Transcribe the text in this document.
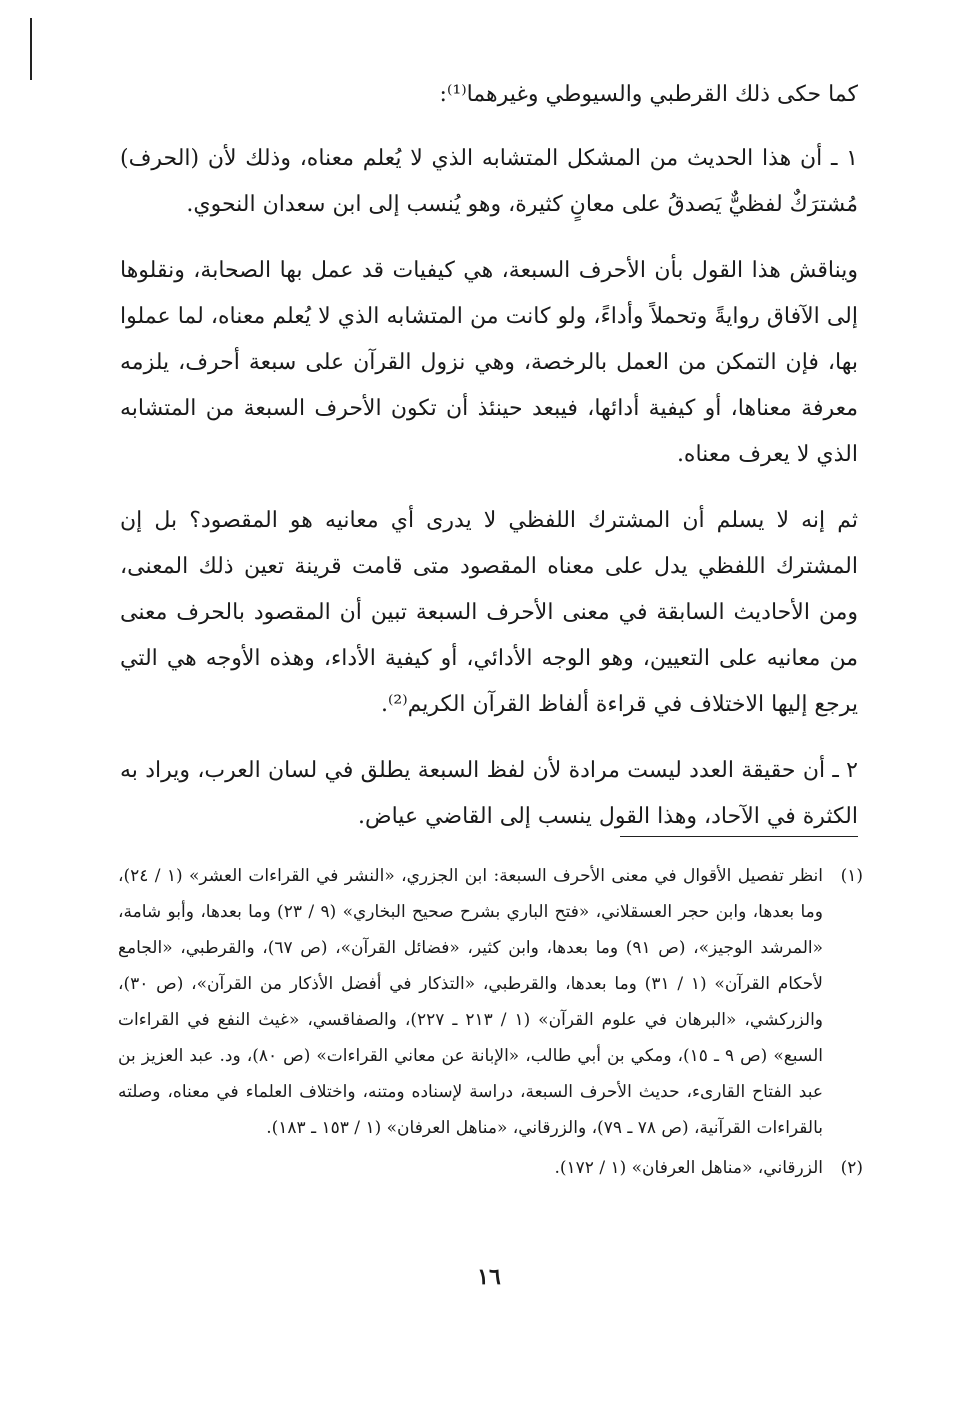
كما حكى ذلك القرطبي والسيوطي وغيرهما⁽¹⁾:

١ ـ أن هذا الحديث من المشكل المتشابه الذي لا يُعلم معناه، وذلك لأن (الحرف) مُشترَكٌ لفظيٌّ يَصدقُ على معانٍ كثيرة، وهو يُنسب إلى ابن سعدان النحوي.

ويناقش هذا القول بأن الأحرف السبعة، هي كيفيات قد عمل بها الصحابة، ونقلوها إلى الآفاق روايةً وتحملاً وأداءً، ولو كانت من المتشابه الذي لا يُعلم معناه، لما عملوا بها، فإن التمكن من العمل بالرخصة، وهي نزول القرآن على سبعة أحرف، يلزمه معرفة معناها، أو كيفية أدائها، فيبعد حينئذ أن تكون الأحرف السبعة من المتشابه الذي لا يعرف معناه.

ثم إنه لا يسلم أن المشترك اللفظي لا يدرى أي معانيه هو المقصود؟ بل إن المشترك اللفظي يدل على معناه المقصود متى قامت قرينة تعين ذلك المعنى، ومن الأحاديث السابقة في معنى الأحرف السبعة تبين أن المقصود بالحرف معنى من معانيه على التعيين، وهو الوجه الأدائي، أو كيفية الأداء، وهذه الأوجه هي التي يرجع إليها الاختلاف في قراءة ألفاظ القرآن الكريم⁽²⁾.

٢ ـ أن حقيقة العدد ليست مرادة لأن لفظ السبعة يطلق في لسان العرب، ويراد به الكثرة في الآحاد، وهذا القول ينسب إلى القاضي عياض.

(١)
انظر تفصيل الأقوال في معنى الأحرف السبعة: ابن الجزري، «النشر في القراءات العشر» (١ / ٢٤)، وما بعدها، وابن حجر العسقلاني، «فتح الباري بشرح صحيح البخاري» (٩ / ٢٣) وما بعدها، وأبو شامة، «المرشد الوجيز»، (ص ٩١) وما بعدها، وابن كثير، «فضائل القرآن»، (ص ٦٧)، والقرطبي، «الجامع لأحكام القرآن» (١ / ٣١) وما بعدها، والقرطبي، «التذكار في أفضل الأذكار من القرآن»، (ص ٣٠)، والزركشي، «البرهان في علوم القرآن» (١ / ٢١٣ ـ ٢٢٧)، والصفاقسي، «غيث النفع في القراءات السبع» (ص ٩ ـ ١٥)، ومكي بن أبي طالب، «الإبانة عن معاني القراءات» (ص ٨٠)، ود. عبد العزيز بن عبد الفتاح القارىء، حديث الأحرف السبعة، دراسة لإسناده ومتنه، واختلاف العلماء في معناه، وصلته بالقراءات القرآنية، (ص ٧٨ ـ ٧٩)، والزرقاني، «مناهل العرفان» (١ / ١٥٣ ـ ١٨٣).
(٢)
الزرقاني، «مناهل العرفان» (١ / ١٧٢).
١٦
